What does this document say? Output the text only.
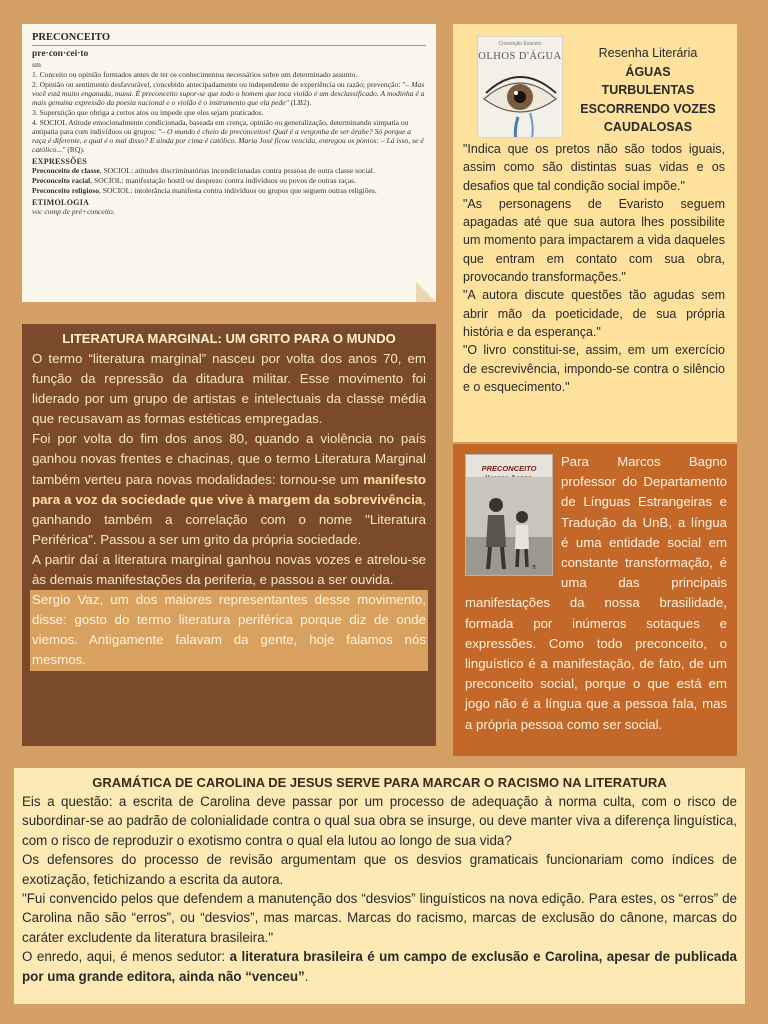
PRECONCEITO
pre·con·cei·to

sm

1. Conceito ou opinião formados antes de ter os conhecimentos necessários sobre um determinado assunto.

2. Opinião ou sentimento desfavorável, concebido antecipadamente ou independente de experiência ou razão; prevenção: "– Mas você está muito enganada, mana. É preconceito supor-se que todo o homem que toca violão é um desclassificado. A modinha é a mais genuína expressão da poesia nacional e o violão é o instrumento que ela pede" (LB2).

3. Superstição que obriga a certos atos ou impede que eles sejam praticados.

4. SOCIOL Atitude emocionalmente condicionada, baseada em crença, opinião ou generalização, determinando simpatia ou antipatia para com indivíduos ou grupos: "– O mundo é cheio de preconceitos! Qual é a vergonha de ser árabe? Só porque a raça é diferente, e qual é o mal disso? E ainda por cima é católico. Maria José ficou vencida, entregou os pontos: – Lá isso, se é católico..." (RQ).

EXPRESSÕES

Preconceito de classe, SOCIOL: atitudes discriminatórias incondicionadas contra pessoas de outra classe social.

Preconceito racial, SOCIOL: manifestação hostil ou desprezo contra indivíduos ou povos de outras raças.

Preconceito religioso, SOCIOL: intolerância manifesta contra indivíduos ou grupos que seguem outras religiões.

ETIMOLOGIA

voc comp de pré+conceito.

Conceição Evaristo
OLHOS D'ÁGUA	Resenha Literária
ÁGUAS
TURBULENTAS
ESCORRENDO VOZES
CAUDALOSAS

"Indica que os pretos não são todos iguais, assim como são distintas suas vidas e os desafios que tal condição social impõe."

"As personagens de Evaristo seguem apagadas até que sua autora lhes possibilite um momento para impactarem a vida daqueles que entram em contato com sua obra, provocando transformações."

"A autora discute questões tão agudas sem abrir mão da poeticidade, de sua própria história e da esperança."

"O livro constitui-se, assim, em um exercício de escrevivência, impondo-se contra o silêncio e o esquecimento."

LITERATURA MARGINAL: UM GRITO PARA O MUNDO

O termo “literatura marginal” nasceu por volta dos anos 70, em função da repressão da ditadura militar. Esse movimento foi liderado por um grupo de artistas e intelectuais da classe média que recusavam as formas estéticas empregadas.

Foi por volta do fim dos anos 80, quando a violência no país ganhou novas frentes e chacinas, que o termo Literatura Marginal também verteu para novas modalidades: tornou-se um manifesto para a voz da sociedade que vive à margem da sobrevivência, ganhando também a correlação com o nome "Literatura Periférica". Passou a ser um grito da própria sociedade.

A partir daí a literatura marginal ganhou novas vozes e atrelou-se às demais manifestações da periferia, e passou a ser ouvida.

Sergio Vaz, um dos maiores representantes desse movimento, disse: gosto do termo literatura periférica porque diz de onde viemos. Antigamente falavam da gente, hoje falamos nós mesmos.

PRECONCEITO
π

Para Marcos Bagno professor do Departamento de Línguas Estrangeiras e Tradução da UnB, a língua é uma entidade social em constante transformação, é uma das principais manifestações da nossa brasilidade, formada por inúmeros sotaques e expressões. Como todo preconceito, o linguístico é a manifestação, de fato, de um preconceito social, porque o que está em jogo não é a língua que a pessoa fala, mas a própria pessoa como ser social.

GRAMÁTICA DE CAROLINA DE JESUS SERVE PARA MARCAR O RACISMO NA LITERATURA

Eis a questão: a escrita de Carolina deve passar por um processo de adequação à norma culta, com o risco de subordinar-se ao padrão de colonialidade contra o qual sua obra se insurge, ou deve manter viva a diferença linguística, com o risco de reproduzir o exotismo contra o qual ela lutou ao longo de sua vida?

Os defensores do processo de revisão argumentam que os desvios gramaticais funcionariam como índices de exotização, fetichizando a escrita da autora.

"Fui convencido pelos que defendem a manutenção dos “desvios” linguísticos na nova edição. Para estes, os “erros” de Carolina não são “erros”, ou “desvios”, mas marcas. Marcas do racismo, marcas de exclusão do cânone, marcas do caráter excludente da literatura brasileira."

O enredo, aqui, é menos sedutor: a literatura brasileira é um campo de exclusão e Carolina, apesar de publicada por uma grande editora, ainda não “venceu”.
